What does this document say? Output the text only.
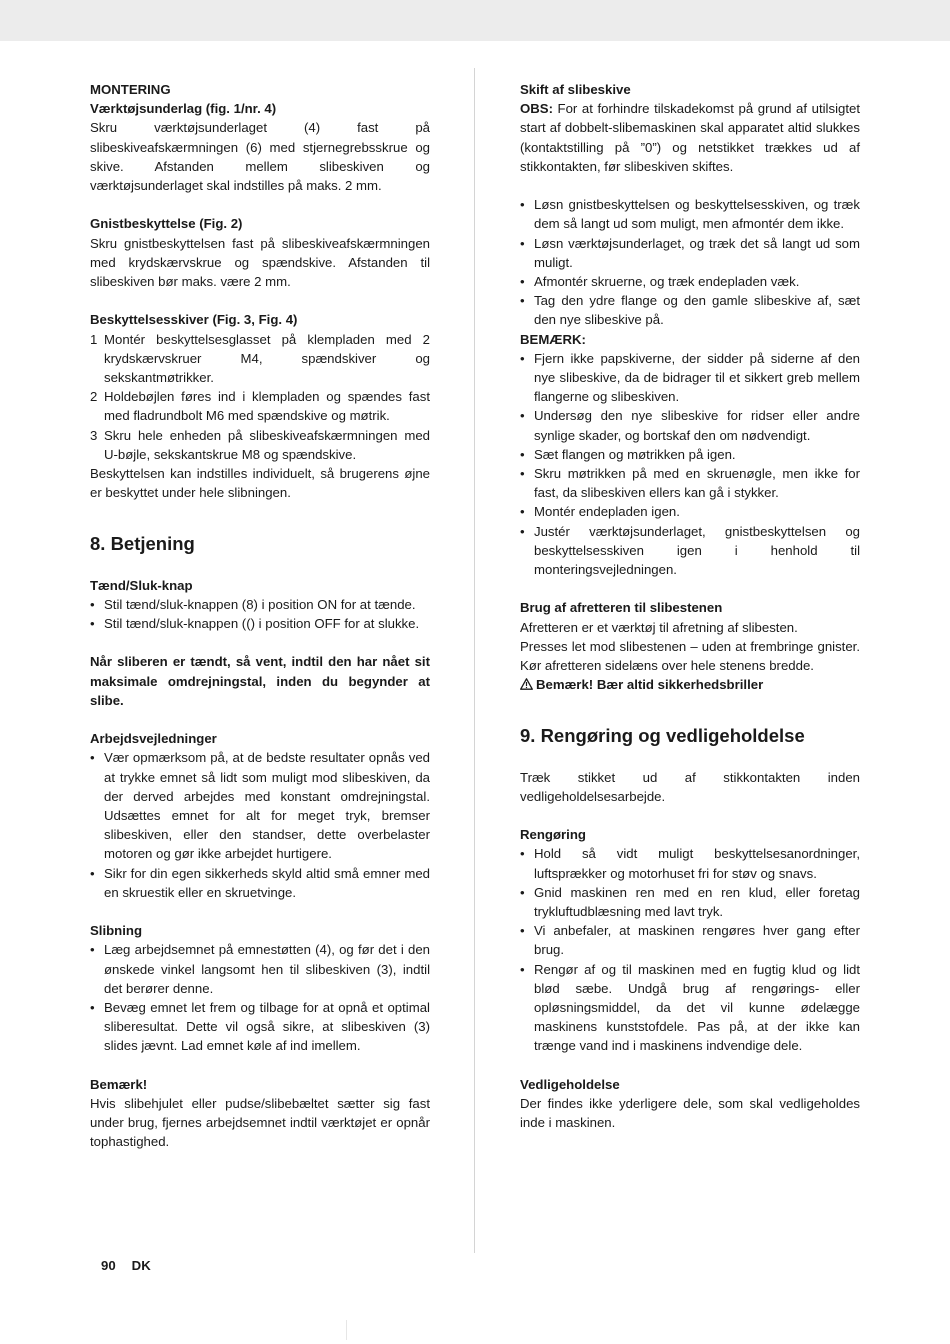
MONTERING

Værktøjsunderlag (fig. 1/nr. 4)

Skru værktøjsunderlaget (4) fast på slibeskiveafskærmningen (6) med stjernegrebsskrue og skive. Afstanden mellem slibeskiven og værktøjsunderlaget skal indstilles på maks. 2 mm.

Gnistbeskyttelse (Fig. 2)

Skru gnistbeskyttelsen fast på slibeskiveafskærmningen med krydskærvskrue og spændskive. Afstanden til slibeskiven bør maks. være 2 mm.

Beskyttelsesskiver (Fig. 3, Fig. 4)

1 Montér beskyttelsesglasset på klempladen med 2 krydskærvskruer M4, spændskiver og sekskantmøtrikker.
2 Holdebøjlen føres ind i klempladen og spændes fast med fladrundbolt M6 med spændskive og møtrik.
3 Skru hele enheden på slibeskiveafskærmningen med U-bøjle, sekskantskrue M8 og spændskive.

Beskyttelsen kan indstilles individuelt, så brugerens øjne er beskyttet under hele slibningen.

8. Betjening

Tænd/Sluk-knap

• Stil tænd/sluk-knappen (8) i position ON for at tænde.
• Stil tænd/sluk-knappen (() i position OFF for at slukke.

Når sliberen er tændt, så vent, indtil den har nået sit maksimale omdrejningstal, inden du begynder at slibe.

Arbejdsvejledninger

• Vær opmærksom på, at de bedste resultater opnås ved at trykke emnet så lidt som muligt mod slibeskiven, da der derved arbejdes med konstant omdrejningstal. Udsættes emnet for alt for meget tryk, bremser slibeskiven, eller den standser, dette overbelaster motoren og gør ikke arbejdet hurtigere.
• Sikr for din egen sikkerheds skyld altid små emner med en skruestik eller en skruetvinge.

Slibning

• Læg arbejdsemnet på emnestøtten (4), og før det i den ønskede vinkel langsomt hen til slibeskiven (3), indtil det berører denne.
• Bevæg emnet let frem og tilbage for at opnå et optimal sliberesultat. Dette vil også sikre, at slibeskiven (3) slides jævnt. Lad emnet køle af ind imellem.

Bemærk!

Hvis slibehjulet eller pudse/slibebæltet sætter sig fast under brug, fjernes arbejdsemnet indtil værktøjet er opnår tophastighed.

Skift af slibeskive

OBS: For at forhindre tilskadekomst på grund af utilsigtet start af dobbelt-slibemaskinen skal apparatet altid slukkes (kontaktstilling på ”0”) og netstikket trækkes ud af stikkontakten, før slibeskiven skiftes.

• Løsn gnistbeskyttelsen og beskyttelsesskiven, og træk dem så langt ud som muligt, men afmontér dem ikke.
• Løsn værktøjsunderlaget, og træk det så langt ud som muligt.
• Afmontér skruerne, og træk endepladen væk.
• Tag den ydre flange og den gamle slibeskive af, sæt den nye slibeskive på.

BEMÆRK:

• Fjern ikke papskiverne, der sidder på siderne af den nye slibeskive, da de bidrager til et sikkert greb mellem flangerne og slibeskiven.
• Undersøg den nye slibeskive for ridser eller andre synlige skader, og bortskaf den om nødvendigt.
• Sæt flangen og møtrikken på igen.
• Skru møtrikken på med en skruenøgle, men ikke for fast, da slibeskiven ellers kan gå i stykker.
• Montér endepladen igen.
• Justér værktøjsunderlaget, gnistbeskyttelsen og beskyttelsesskiven igen i henhold til monteringsvejledningen.

Brug af afretteren til slibestenen

Afretteren er et værktøj til afretning af slibesten.

Presses let mod slibestenen – uden at frembringe gnister. Kør afretteren sidelæns over hele stenens bredde.

Bemærk! Bær altid sikkerhedsbriller

9. Rengøring og vedligeholdelse

Træk stikket ud af stikkontakten inden vedligeholdelsesarbejde.

Rengøring

• Hold så vidt muligt beskyttelsesanordninger, luftsprækker og motorhuset fri for støv og snavs.
• Gnid maskinen ren med en ren klud, eller foretag trykluftudblæsning med lavt tryk.
• Vi anbefaler, at maskinen rengøres hver gang efter brug.
• Rengør af og til maskinen med en fugtig klud og lidt blød sæbe. Undgå brug af rengørings- eller opløsningsmiddel, da det vil kunne ødelægge maskinens kunststofdele. Pas på, at der ikke kan trænge vand ind i maskinens indvendige dele.

Vedligeholdelse

Der findes ikke yderligere dele, som skal vedligeholdes inde i maskinen.

90 DK
